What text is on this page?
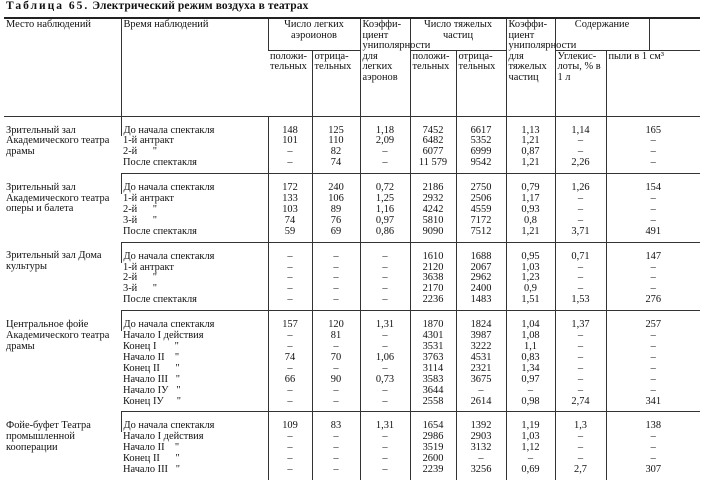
Таблица 65. Электрический режим воздуха в театрах
Место наблюдений	Время наблюдений	Число легких аэроионов		Коэффи-циент униполярности для легких аэронов	Число тяжелых частиц		Коэффи-циент униполярности для тяжелых частиц	Содержание		
		положи-тельных	отрица-тельных		положи-тельных	отрица-тельных		Углекис-лоты, % в 1 л	пыли в 1 см³	
Зрительный зал Академического театра драмы	До начала спектакля	148	125	1,18	7452	6617	1,13	1,14	165	
	1-й антракт	101	110	2,09	6482	5352	1,21	–	–	
	2-й      "	–	82	–	6077	6999	0,87	–	–	
	После спектакля	–	74	–	11 579	9542	1,21	2,26	–	
Зрительный зал
Академического театра оперы и балета	До начала спектакля	172	240	0,72	2186	2750	0,79	1,26	154	
	1-й антракт	133	106	1,25	2932	2506	1,17	–	–	
	2-й      "	103	89	1,16	4242	4559	0,93	–	–	
	3-й      "	74	76	0,97	5810	7172	0,8	–	–	
	После спектакля	59	69	0,86	9090	7512	1,21	3,71	491	
Зрительный зал Дома культуры	До начала спектакля	–	–	–	1610	1688	0,95	0,71	147	
	1-й антракт	–	–	–	2120	2067	1,03	–	–	
	2-й      "	–	–	–	3638	2962	1,23	–	–	
	3-й      "	–	–	–	2170	2400	0,9	–	–	
	После спектакля	–	–	–	2236	1483	1,51	1,53	276	
Центральное фойе Академического театра драмы	До начала спектакля	157	120	1,31	1870	1824	1,04	1,37	257	
	Начало I действия	–	81	–	4301	3987	1,08	–	–	
	Конец I       "	–	–	–	3531	3222	1,1	–	–	
	Начало II    "	74	70	1,06	3763	4531	0,83	–	–	
	Конец II      "	–	–	–	3114	2321	1,34	–	–	
	Начало III   "	66	90	0,73	3583	3675	0,97	–	–	
	Начало IУ   "	–	–	–	3644	–	–	–	–	
	Конец IУ     "	–	–	–	2558	2614	0,98	2,74	341	
Фойе-буфет Театра промышленной кооперации	До начала спектакля	109	83	1,31	1654	1392	1,19	1,3	138	
	Начало I действия	–	–	–	2986	2903	1,03	–	–	
	Начало II    "	–	–	–	3519	3132	1,12	–	–	
	Конец II      "	–	–	–	2600	–	–	–	–	
	Начало III   "	–	–	–	2239	3256	0,69	2,7	307	
